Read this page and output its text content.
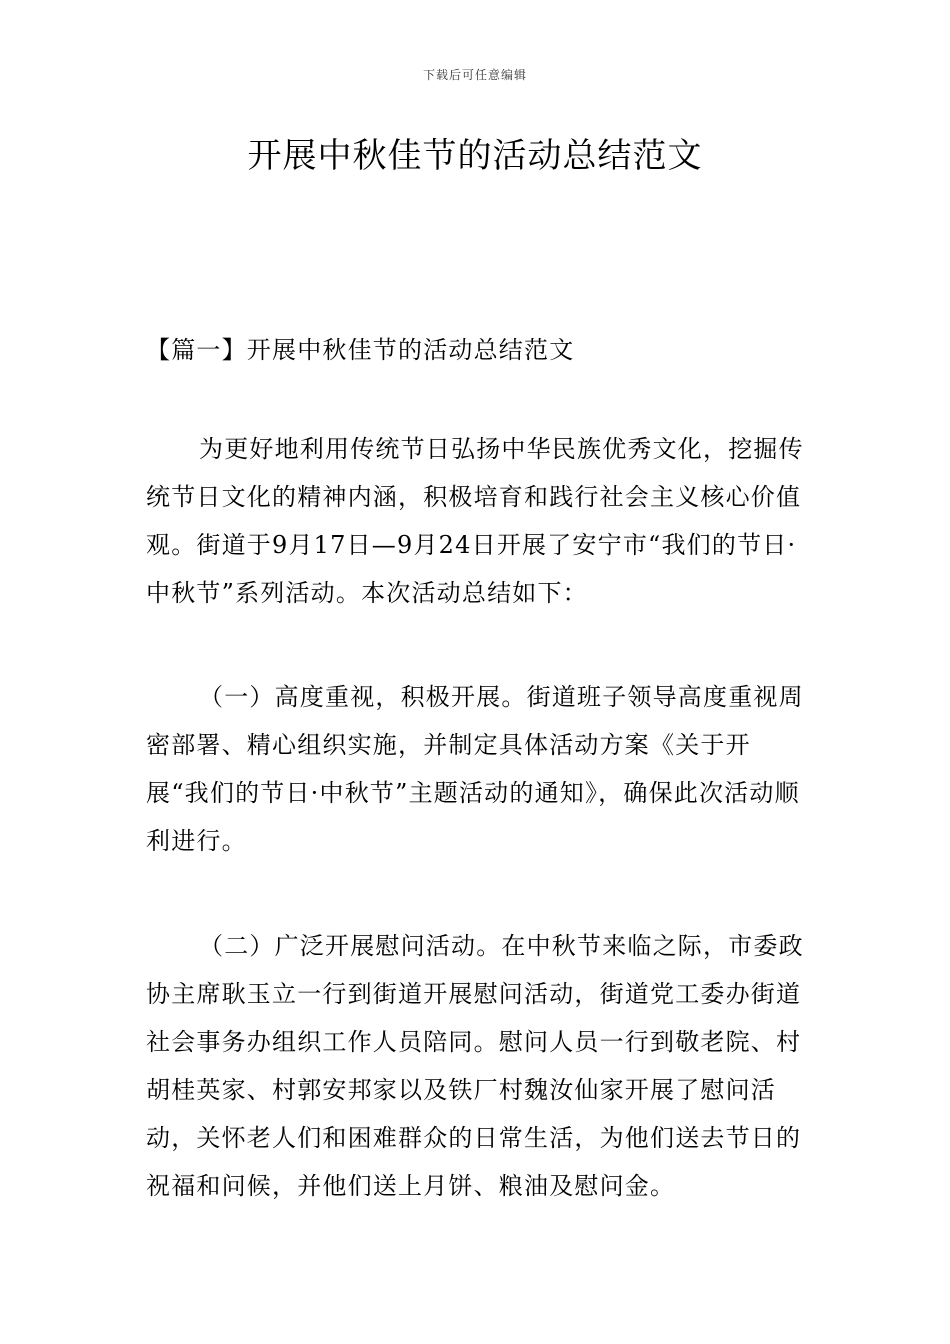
下载后可任意编辑
开展中秋佳节的活动总结范文

【篇一】开展中秋佳节的活动总结范文

为更好地利用传统节日弘扬中华民族优秀文化，挖掘传统节日文化的精神内涵，积极培育和践行社会主义核心价值观。街道于9月17日—9月24日开展了安宁市“我们的节日·中秋节”系列活动。本次活动总结如下：

（一）高度重视，积极开展。街道班子领导高度重视周密部署、精心组织实施，并制定具体活动方案《关于开展“我们的节日·中秋节”主题活动的通知》，确保此次活动顺利进行。

（二）广泛开展慰问活动。在中秋节来临之际，市委政协主席耿玉立一行到街道开展慰问活动，街道党工委办街道社会事务办组织工作人员陪同。慰问人员一行到敬老院、村胡桂英家、村郭安邦家以及铁厂村魏汝仙家开展了慰问活动，关怀老人们和困难群众的日常生活，为他们送去节日的祝福和问候，并他们送上月饼、粮油及慰问金。
